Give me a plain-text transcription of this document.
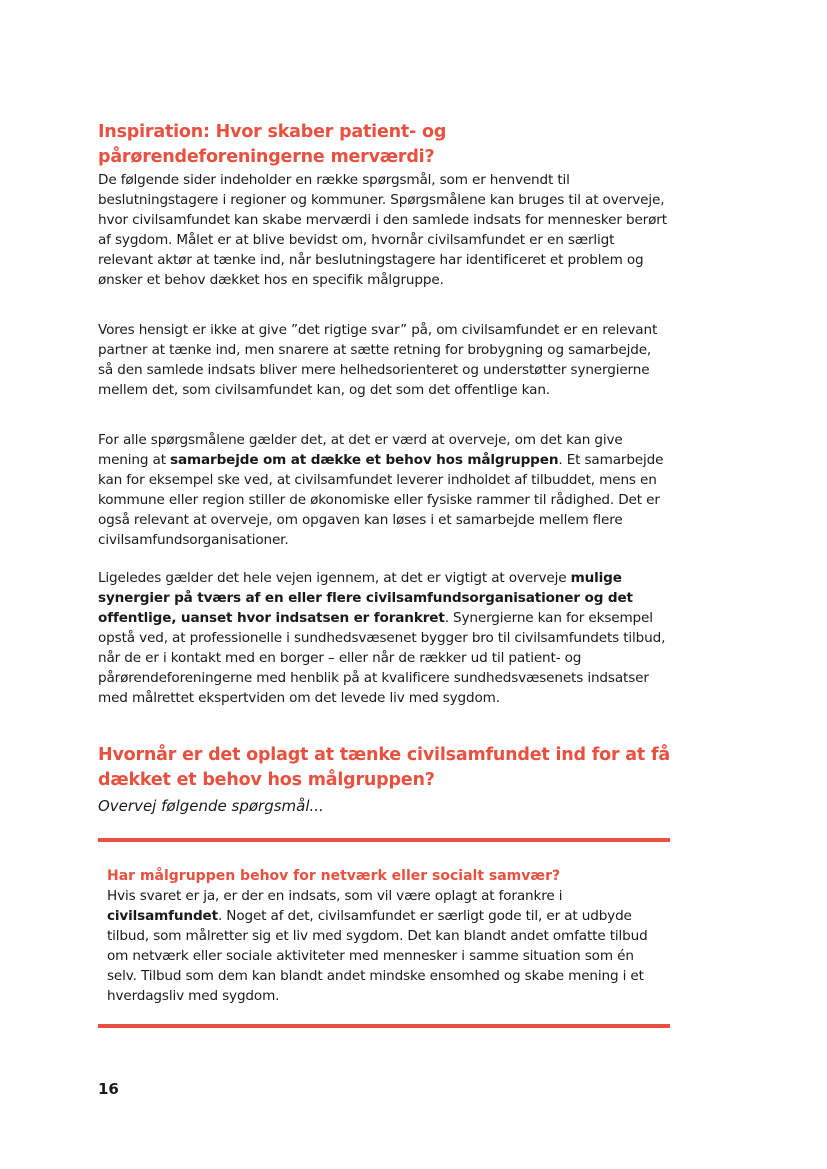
Inspiration: Hvor skaber patient- og
pårørendeforeningerne merværdi?
De følgende sider indeholder en række spørgsmål, som er henvendt til beslutningstagere i regioner og kommuner. Spørgsmålene kan bruges til at overveje, hvor civilsamfundet kan skabe merværdi i den samlede indsats for mennesker berørt af sygdom. Målet er at blive bevidst om, hvornår civilsamfundet er en særligt relevant aktør at tænke ind, når beslutningstagere har identificeret et problem og ønsker et behov dækket hos en specifik målgruppe.
Vores hensigt er ikke at give ”det rigtige svar” på, om civilsamfundet er en relevant partner at tænke ind, men snarere at sætte retning for brobygning og samarbejde, så den samlede indsats bliver mere helhedsorienteret og understøtter synergierne mellem det, som civilsamfundet kan, og det som det offentlige kan.
For alle spørgsmålene gælder det, at det er værd at overveje, om det kan give mening at samarbejde om at dække et behov hos målgruppen. Et samarbejde kan for eksempel ske ved, at civilsamfundet leverer indholdet af tilbuddet, mens en kommune eller region stiller de økonomiske eller fysiske rammer til rådighed. Det er også relevant at overveje, om opgaven kan løses i et samarbejde mellem flere civilsamfundsorganisationer.
Ligeledes gælder det hele vejen igennem, at det er vigtigt at overveje mulige synergier på tværs af en eller flere civilsamfundsorganisationer og det offentlige, uanset hvor indsatsen er forankret. Synergierne kan for eksempel opstå ved, at professionelle i sundhedsvæsenet bygger bro til civilsamfundets tilbud, når de er i kontakt med en borger – eller når de rækker ud til patient- og pårørendeforeningerne med henblik på at kvalificere sundhedsvæsenets indsatser med målrettet ekspertviden om det levede liv med sygdom.
Hvornår er det oplagt at tænke civilsamfundet ind for at få
dækket et behov hos målgruppen?
Overvej følgende spørgsmål...
Har målgruppen behov for netværk eller socialt samvær?
Hvis svaret er ja, er der en indsats, som vil være oplagt at forankre i civilsamfundet. Noget af det, civilsamfundet er særligt gode til, er at udbyde tilbud, som målretter sig et liv med sygdom. Det kan blandt andet omfatte tilbud om netværk eller sociale aktiviteter med mennesker i samme situation som én selv. Tilbud som dem kan blandt andet mindske ensomhed og skabe mening i et hverdagsliv med sygdom.
16
